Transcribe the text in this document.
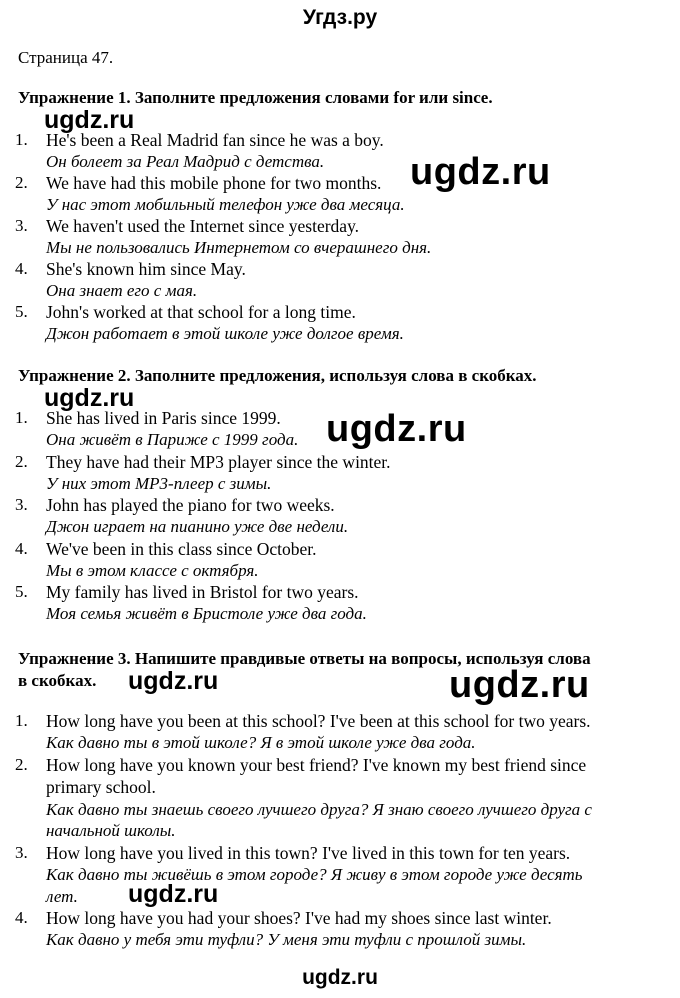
Угдз.ру
Страница 47.
Упражнение 1. Заполните предложения словами for или since.
ugdz.ru
1. He's been a Real Madrid fan since he was a boy.
Он болеет за Реал Мадрид с детства.
2. We have had this mobile phone for two months.
У нас этот мобильный телефон уже два месяца.
ugdz.ru
3. We haven't used the Internet since yesterday.
Мы не пользовались Интернетом со вчерашнего дня.
4. She's known him since May.
Она знает его с мая.
5. John's worked at that school for a long time.
Джон работает в этой школе уже долгое время.
Упражнение 2. Заполните предложения, используя слова в скобках.
ugdz.ru
1. She has lived in Paris since 1999.
Она живёт в Париже с 1999 года. ugdz.ru
2. They have had their MP3 player since the winter.
У них этот MP3-плеер с зимы.
3. John has played the piano for two weeks.
Джон играет на пианино уже две недели.
4. We've been in this class since October.
Мы в этом классе с октября.
5. My family has lived in Bristol for two years.
Моя семья живёт в Бристоле уже два года.
Упражнение 3. Напишите правдивые ответы на вопросы, используя слова
в скобках. ugdz.ru	ugdz.ru
1. How long have you been at this school? I've been at this school for two years.
Как давно ты в этой школе? Я в этой школе уже два года.
2. How long have you known your best friend? I've known my best friend since
primary school.
Как давно ты знаешь своего лучшего друга? Я знаю своего лучшего друга с
начальной школы.
3. How long have you lived in this town? I've lived in this town for ten years.
Как давно ты живёшь в этом городе? Я живу в этом городе уже десять
лет. ugdz.ru
4. How long have you had your shoes? I've had my shoes since last winter.
Как давно у тебя эти туфли? У меня эти туфли с прошлой зимы.
ugdz.ru
